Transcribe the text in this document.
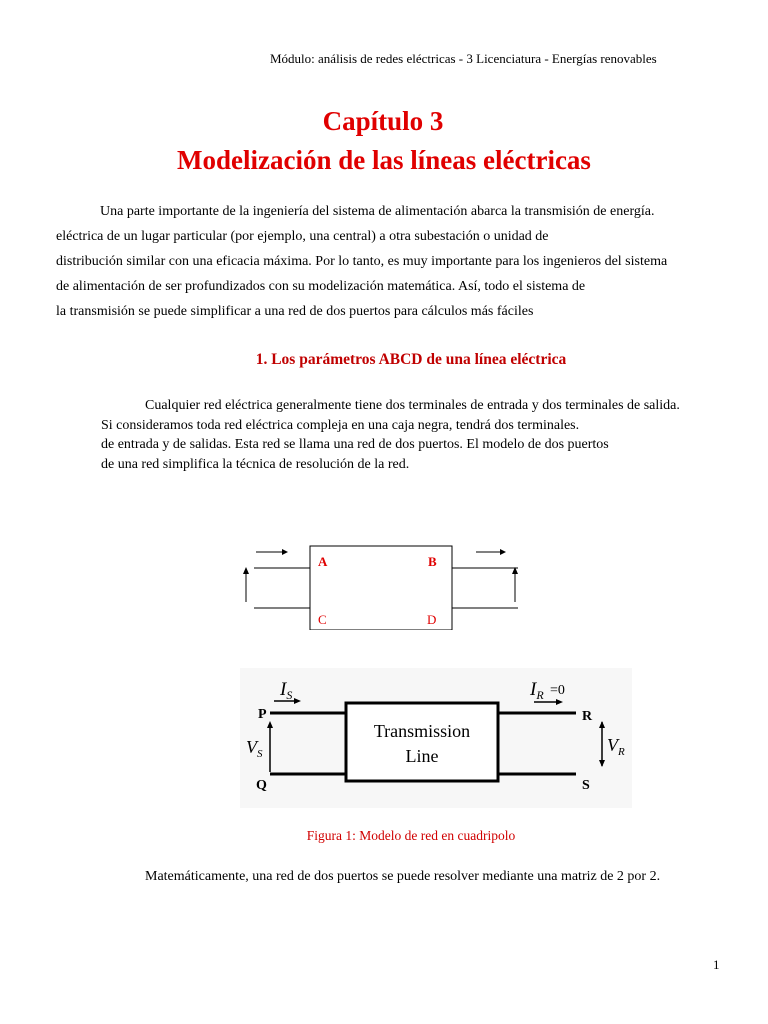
Módulo: análisis de redes eléctricas - 3 Licenciatura - Energías renovables
Capítulo 3
Modelización de las líneas eléctricas
Una parte importante de la ingeniería del sistema de alimentación abarca la transmisión de energía.
eléctrica de un lugar particular (por ejemplo, una central) a otra subestación o unidad de
distribución similar con una eficacia máxima. Por lo tanto, es muy importante para los ingenieros del sistema
de alimentación de ser profundizados con su modelización matemática. Así, todo el sistema de
la transmisión se puede simplificar a una red de dos puertos para cálculos más fáciles
1. Los parámetros ABCD de una línea eléctrica
Cualquier red eléctrica generalmente tiene dos terminales de entrada y dos terminales de salida.
Si consideramos toda red eléctrica compleja en una caja negra, tendrá dos terminales.
de entrada y de salidas. Esta red se llama una red de dos puertos. El modelo de dos puertos
de una red simplifica la técnica de resolución de la red.
A	B
C	D
Transmission
Line
P
Q
R
S
$I_S$	$I_R =0$
$V_S$	$V_R$
Figura 1: Modelo de red en cuadripolo
Matemáticamente, una red de dos puertos se puede resolver mediante una matriz de 2 por 2.
1
